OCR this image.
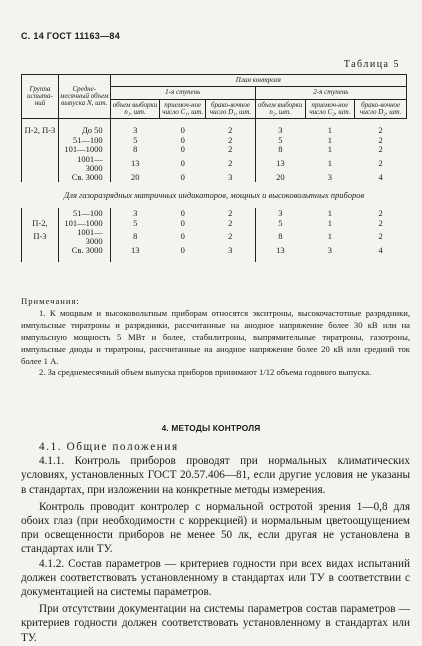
С. 14 ГОСТ 11163—84
Таблица 5
Группа испыта-ний	Средне-месячный объем выпуска N, шт.	План контроля					
		1-я ступень			2-я ступень		
		объем выборки n₁, шт.	приемоч-ное число C₁, шт.	брако-вочное число D₁, шт.	объем выборки n₂, шт.	приемоч-ное число C₂, шт.	брако-вочное число D₂, шт.

П-2, П-3	До 50	3	0	2	3	1	2
	51—100	5	0	2	5	1	2
	101—1000	8	0	2	8	1	2
	1001—3000	13	0	2	13	1	2
	Св. 3000	20	0	3	20	3	4
Для газоразрядных матричных индикаторов, мощных и высоковольтных приборов							
	51—100	3	0	2	3	1	2
П-2,	101—1000	5	0	2	5	1	2
П-3	1001—3000	8	0	2	8	1	2
	Св. 3000	13	0	3	13	3	4

Примечания:

1. К мощным и высоковольтным приборам относятся экситроны, высокочастотные разрядники, импульсные тиратроны и разрядники, рассчитанные на анодное напряжение более 30 кВ или на импульсную мощность 5 МВт и более, стабилитроны, выпрямительные тиратроны, газотроны, импульсные диоды и тиратроны, рассчитанные на анодное напряжение более 20 кВ или средний ток более 1 А.

2. За среднемесячный объем выпуска приборов принимают 1/12 объема годового выпуска.

4. МЕТОДЫ КОНТРОЛЯ

4.1. Общие положения

4.1.1. Контроль приборов проводят при нормальных климатических условиях, установленных ГОСТ 20.57.406—81, если другие условия не указаны в стандартах, при изложении на конкретные методы измерения.

Контроль проводит контролер с нормальной остротой зрения 1—0,8 для обоих глаз (при необходимости с коррекцией) и нормальным цветоощущением при освещенности приборов не менее 50 лк, если другая не установлена в стандартах или ТУ.

4.1.2. Состав параметров — критериев годности при всех видах испытаний должен соответствовать установленному в стандартах или ТУ в соответствии с документацией на системы параметров.

При отсутствии документации на системы параметров состав параметров — критериев годности должен соответствовать установленному в стандартах или ТУ.
